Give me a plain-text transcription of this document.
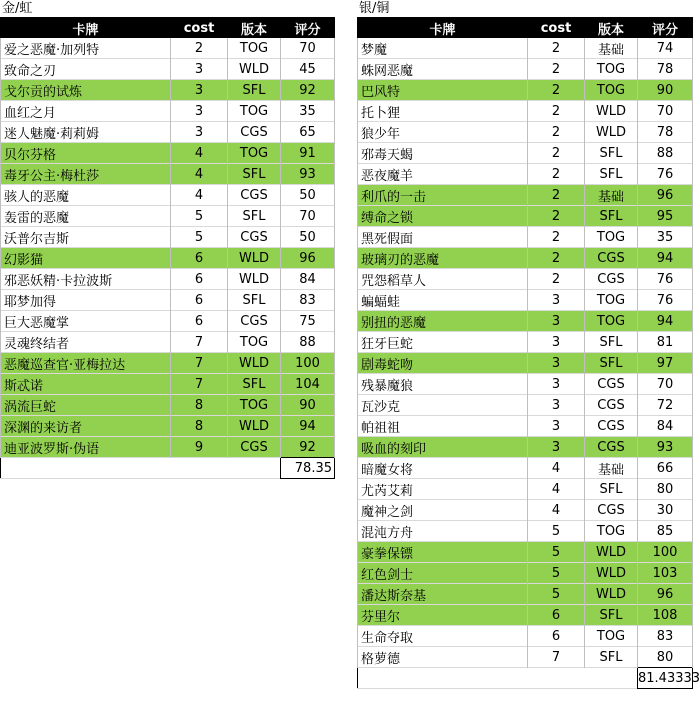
金/虹
卡牌	cost	版本	评分
爱之恶魔·加列特	2	TOG	70
致命之刃	3	WLD	45
戈尔贡的试炼	3	SFL	92
血红之月	3	TOG	35
迷人魅魔·莉莉姆	3	CGS	65
贝尔芬格	4	TOG	91
毒牙公主·梅杜莎	4	SFL	93
骇人的恶魔	4	CGS	50
轰雷的恶魔	5	SFL	70
沃普尔吉斯	5	CGS	50
幻影猫	6	WLD	96
邪恶妖精·卡拉波斯	6	WLD	84
耶梦加得	6	SFL	83
巨大恶魔掌	6	CGS	75
灵魂终结者	7	TOG	88
恶魔巡查官·亚梅拉达	7	WLD	100
斯忒诺	7	SFL	104
涡流巨蛇	8	TOG	90
深渊的来访者	8	WLD	94
迪亚波罗斯·伪语	9	CGS	92
			78.35
银/铜
卡牌	cost	版本	评分
梦魔	2	基础	74
蛛网恶魔	2	TOG	78
巴风特	2	TOG	90
托卜狸	2	WLD	70
狼少年	2	WLD	78
邪毒天蝎	2	SFL	88
恶夜魔羊	2	SFL	76
利爪的一击	2	基础	96
缚命之锁	2	SFL	95
黑死假面	2	TOG	35
玻璃刃的恶魔	2	CGS	94
咒怨稻草人	2	CGS	76
蝙蝠蛙	3	TOG	76
别扭的恶魔	3	TOG	94
狂牙巨蛇	3	SFL	81
剧毒蛇吻	3	SFL	97
残暴魔狼	3	CGS	70
瓦沙克	3	CGS	72
帕祖祖	3	CGS	84
吸血的刻印	3	CGS	93
暗魔女将	4	基础	66
尤芮艾莉	4	SFL	80
魔神之剑	4	CGS	30
混沌方舟	5	TOG	85
豪拳保镖	5	WLD	100
红色剑士	5	WLD	103
潘达斯奈基	5	WLD	96
芬里尔	6	SFL	108
生命夺取	6	TOG	83
格萝德	7	SFL	80
			81.43333
